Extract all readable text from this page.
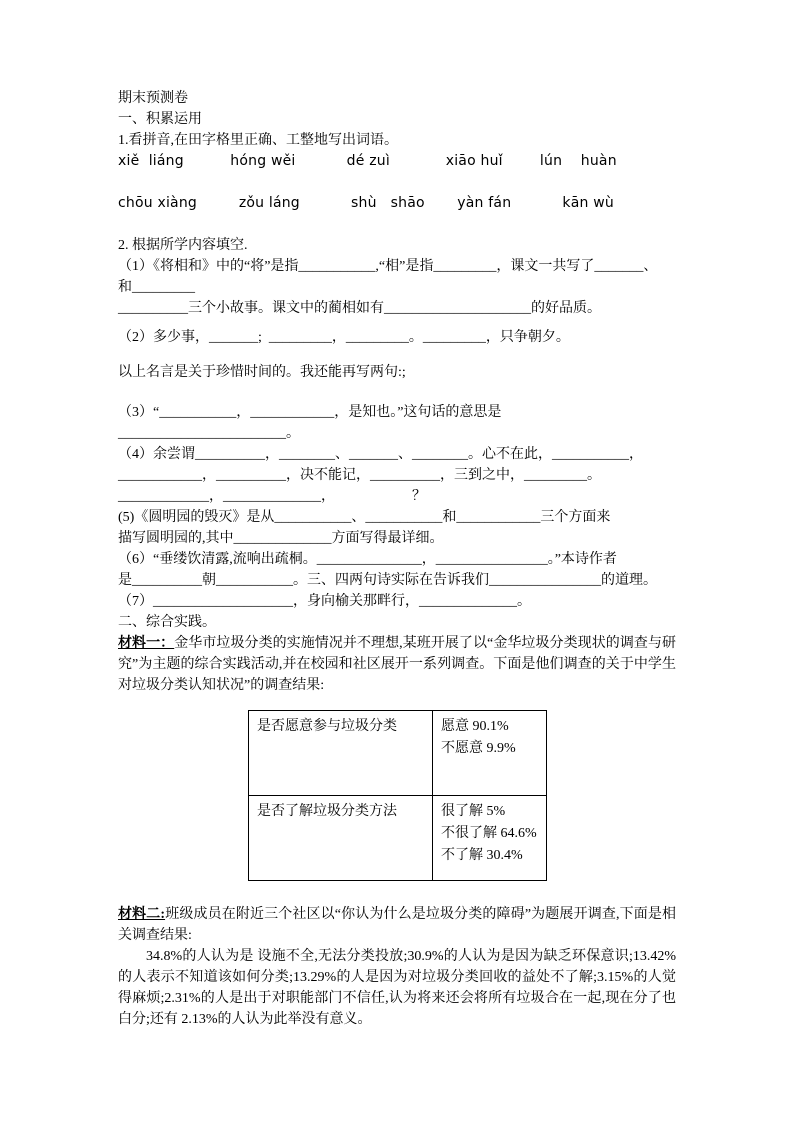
期末预测卷
一、积累运用
1.看拼音,在田字格里正确、工整地写出词语。
xiě  liáng          hóng wěi           dé zuì            xiāo huǐ        lún    huàn
chōu xiàng         zǒu láng           shù   shāo       yàn fán           kān wù
2. 根据所学内容填空.
（1）《将相和》中的“将”是指___________,“相”是指_________，课文一共写了_______、
和_________
__________三个小故事。课文中的蔺相如有_____________________的好品质。
（2）多少事，_______;  _________，_________。_________，只争朝夕。
以上名言是关于珍惜时间的。我还能再写两句:;
（3）“___________，____________，是知也。”这句话的意思是________________________。
（4）余尝谓__________，________、_______、________。心不在此，___________，
____________，__________，决不能记，__________，三到之中，_________。
_____________，______________，                      ？
(5)《圆明园的毁灭》是从___________、___________和____________三个方面来
描写圆明园的,其中______________方面写得最详细。
（6）“垂缕饮清露,流响出疏桐。_______________，________________。”本诗作者
是__________朝___________。三、四两句诗实际在告诉我们________________的道理。
（7）____________________，身向榆关那畔行，______________。
二、综合实践。

材料一：金华市垃圾分类的实施情况并不理想,某班开展了以“金华垃圾分类现状的调查与研究”为主题的综合实践活动,并在校园和社区展开一系列调查。下面是他们调查的关于中学生对垃圾分类认知状况”的调查结果:

是否愿意参与垃圾分类	愿意 90.1%
不愿意 9.9%

是否了解垃圾分类方法	很了解 5%
不很了解 64.6%
不了解 30.4%

材料二:班级成员在附近三个社区以“你认为什么是垃圾分类的障碍”为题展开调查,下面是相关调查结果:

34.8%的人认为是 设施不全,无法分类投放;30.9%的人认为是因为缺乏环保意识;13.42%的人表示不知道该如何分类;13.29%的人是因为对垃圾分类回收的益处不了解;3.15%的人觉得麻烦;2.31%的人是出于对职能部门不信任,认为将来还会将所有垃圾合在一起,现在分了也白分;还有 2.13%的人认为此举没有意义。
